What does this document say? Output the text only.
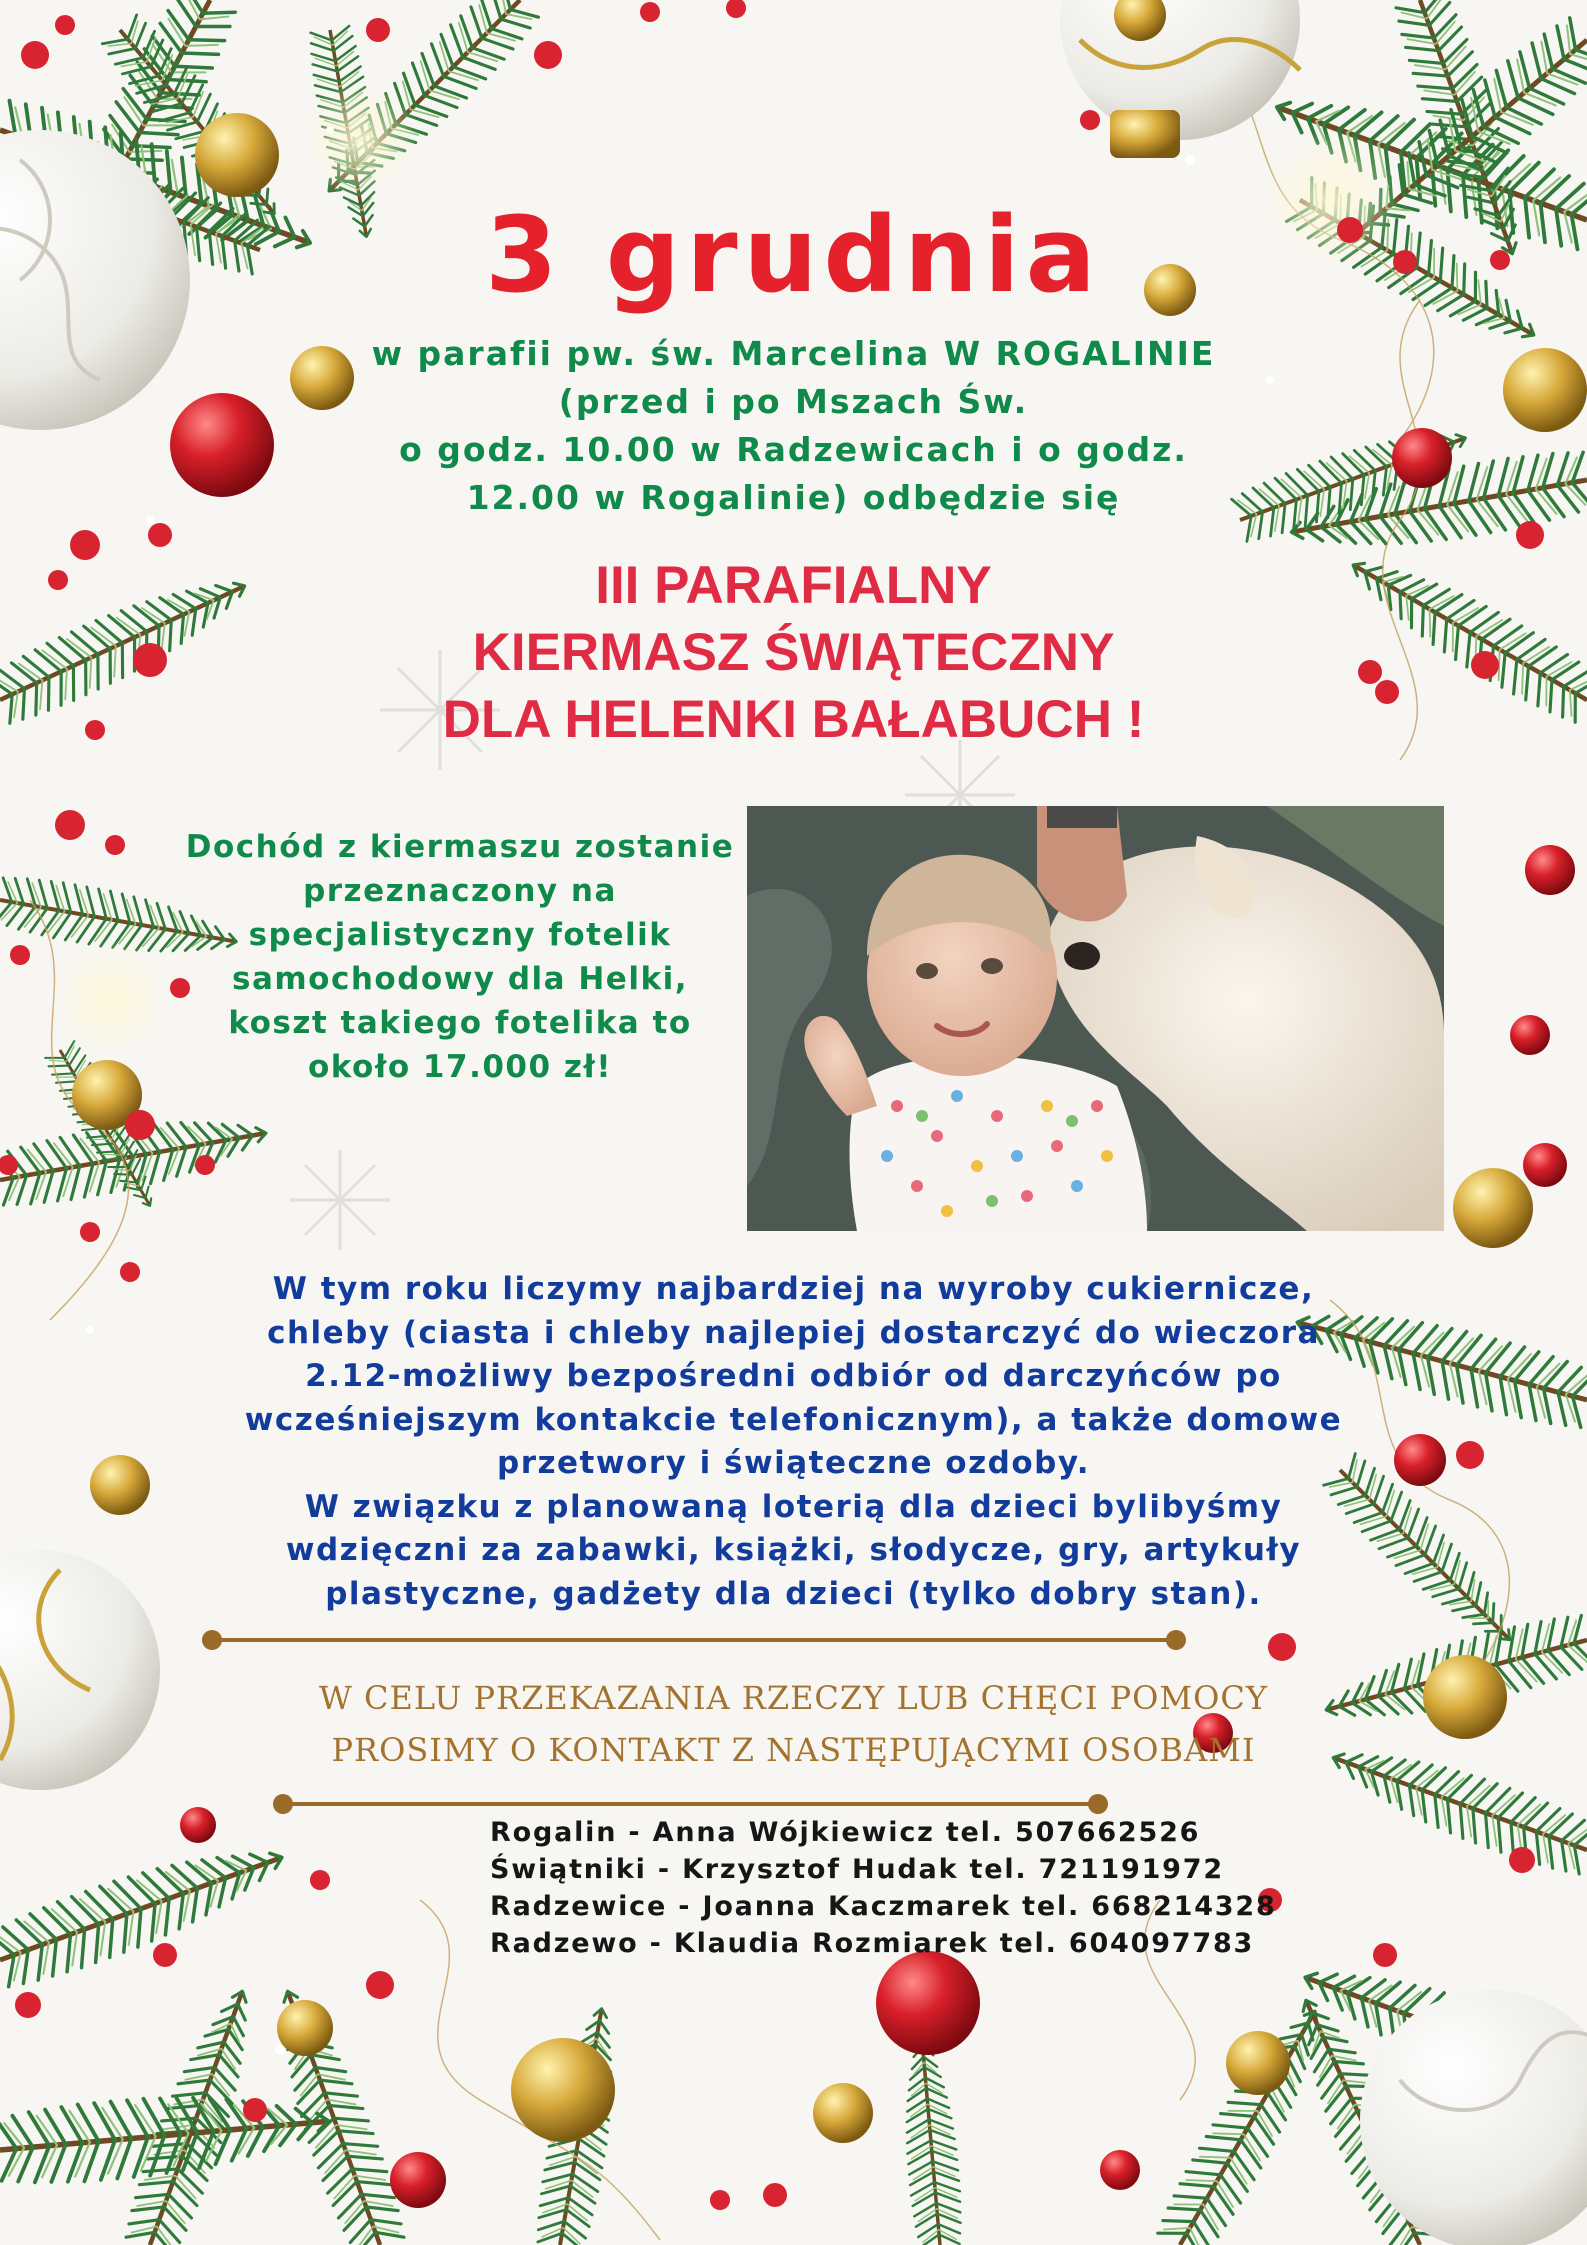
3 grudnia
w parafii pw. św. Marcelina W ROGALINIE
(przed i po Mszach Św.
o godz. 10.00 w Radzewicach i o godz.
12.00 w Rogalinie) odbędzie się
III PARAFIALNY
KIERMASZ ŚWIĄTECZNY
DLA HELENKI BAŁABUCH !
Dochód z kiermaszu zostanie
przeznaczony na
specjalistyczny fotelik
samochodowy dla Helki,
koszt takiego fotelika to
około 17.000 zł!
W tym roku liczymy najbardziej na wyroby cukiernicze,
chleby (ciasta i chleby najlepiej dostarczyć do wieczora
2.12-możliwy bezpośredni odbiór od darczyńców po
wcześniejszym kontakcie telefonicznym), a także domowe
przetwory i świąteczne ozdoby.
W związku z planowaną loterią dla dzieci bylibyśmy
wdzięczni za zabawki, książki, słodycze, gry, artykuły
plastyczne, gadżety dla dzieci (tylko dobry stan).
W CELU PRZEKAZANIA RZECZY LUB CHĘCI POMOCY
PROSIMY O KONTAKT Z NASTĘPUJĄCYMI OSOBAMI
Rogalin - Anna Wójkiewicz tel. 507662526
Świątniki - Krzysztof Hudak tel. 721191972
Radzewice - Joanna Kaczmarek tel. 668214328
Radzewo - Klaudia Rozmiarek tel. 604097783
